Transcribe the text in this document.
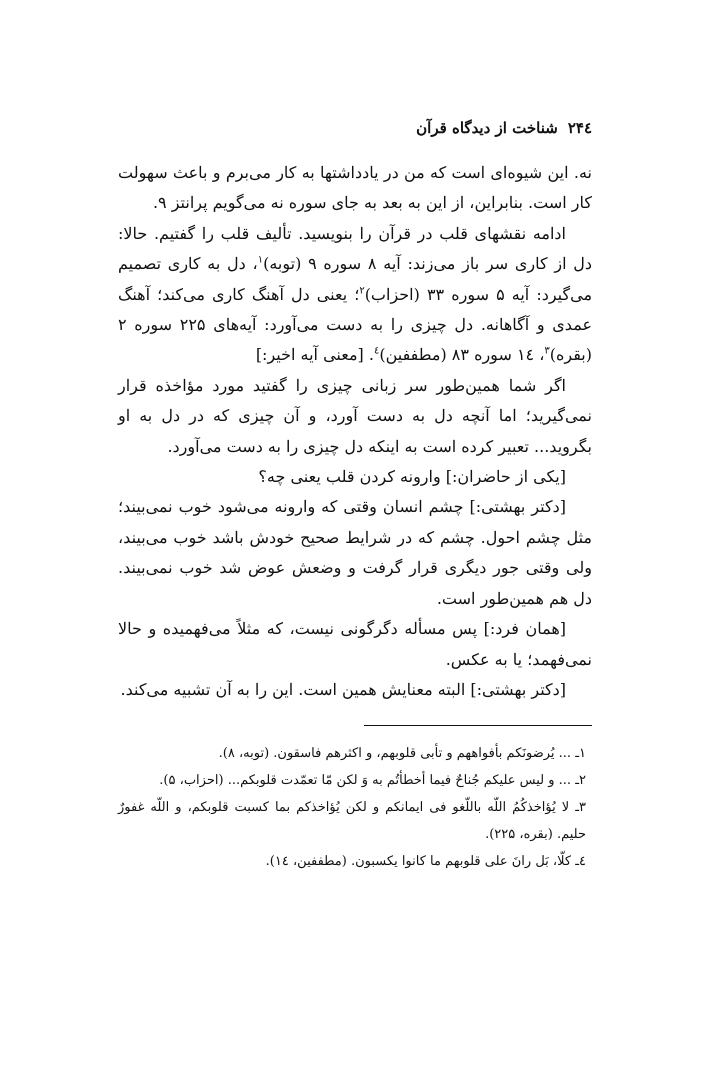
۲۴٤شناخت از دیدگاه قرآن

نه. این شیوه‌ای است که من در یادداشتها به کار می‌برم و باعث سهولت کار است. بنابراین، از این به بعد به جای سوره نه می‌گویم پرانتز ۹.

ادامه نقشهای قلب در قرآن را بنویسید. تألیف قلب را گفتیم. حالا: دل از کاری سر باز می‌زند: آیه ۸ سوره ۹ (توبه)$^۱$، دل به کاری تصمیم می‌گیرد: آیه ۵ سوره ۳۳ (احزاب)$^۲$؛ یعنی دل آهنگ کاری می‌کند؛ آهنگ عمدی و آگاهانه. دل چیزی را به دست می‌آورد: آیه‌های ۲۲۵ سوره ۲ (بقره)$^۳$، ۱٤ سوره ۸۳ (مطففین)$^٤$. [معنی آیه اخیر:]

اگر شما همین‌طور سر زبانی چیزی را گفتید مورد مؤاخذه قرار نمی‌گیرید؛ اما آنچه دل به دست آورد، و آن چیزی که در دل به او بگروید... تعبیر کرده است به اینکه دل چیزی را به دست می‌آورد.

[یکی از حاضران:] وارونه کردن قلب یعنی چه؟

[دکتر بهشتی:] چشم انسان وقتی که وارونه می‌شود خوب نمی‌بیند؛ مثل چشم احول. چشم که در شرایط صحیح خودش باشد خوب می‌بیند، ولی وقتی جور دیگری قرار گرفت و وضعش عوض شد خوب نمی‌بیند. دل هم همین‌طور است.

[همان فرد:] پس مسأله دگرگونی نیست، که مثلاً می‌فهمیده و حالا نمی‌فهمد؛ یا به عکس.

[دکتر بهشتی:] البته معنایش همین است. این را به آن تشبیه می‌کند.

۱ـ ... یُرضونَکم بأفواههم و تأبی قلوبهم، و اکثرهم فاسقون. (توبه، ۸).

۲ـ ... و لیس علیکم جُناحٌ فیما أخطأتُم به وَ لکن مّا تعمّدت قلوبکم... (احزاب، ۵).

۳ـ لا یُؤاخذکُمُ اللّه باللّغو فی ایمانکم و لکن یُؤاخذکم بما کسبت قلوبکم، و اللّه غفورٌ حلیم. (بقره، ۲۲۵).

٤ـ کلّا، بَل رانَ علی قلوبهم ما کانوا یکسبون. (مطففین، ۱٤).
